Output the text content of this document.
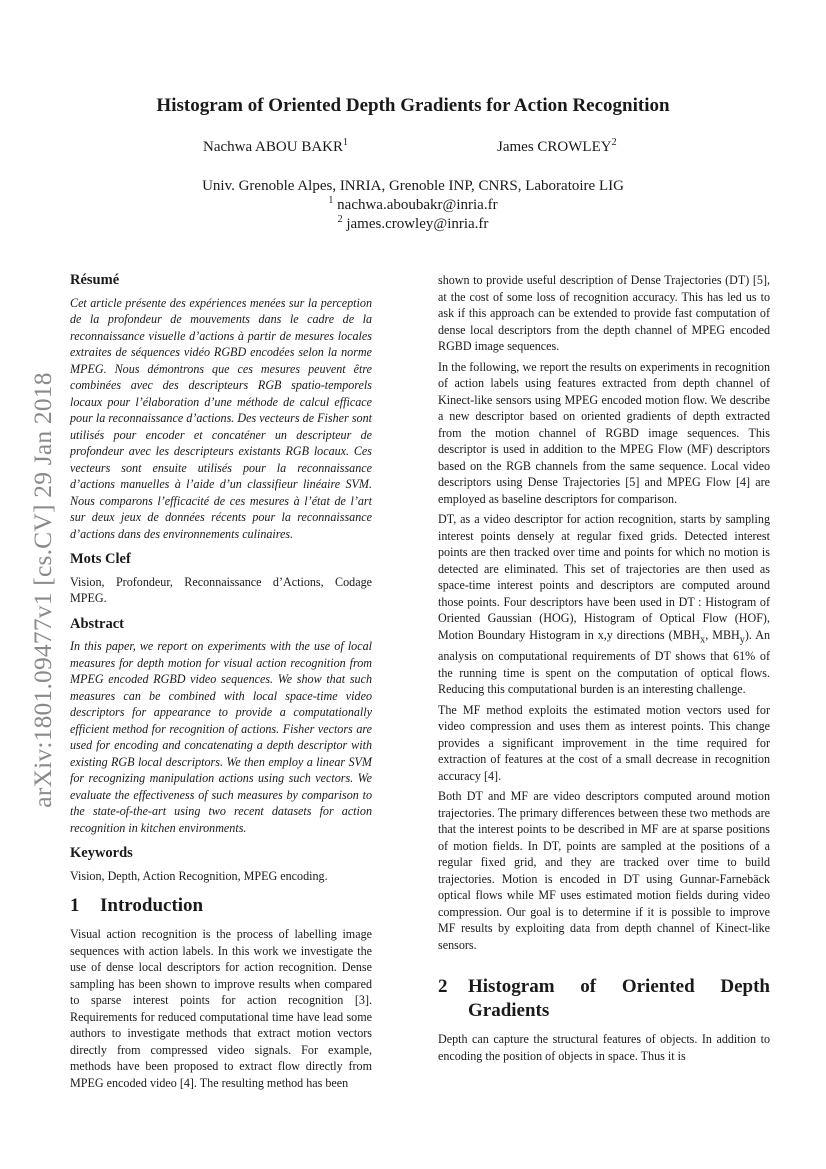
arXiv:1801.09477v1 [cs.CV] 29 Jan 2018
Histogram of Oriented Depth Gradients for Action Recognition
Nachwa ABOU BAKR$^1$	James CROWLEY$^2$
Univ. Grenoble Alpes, INRIA, Grenoble INP, CNRS, Laboratoire LIG
$^1$ nachwa.aboubakr@inria.fr
$^2$ james.crowley@inria.fr
Résumé

Cet article présente des expériences menées sur la perception de la profondeur de mouvements dans le cadre de la reconnaissance visuelle d’actions à partir de mesures locales extraites de séquences vidéo RGBD encodées selon la norme MPEG. Nous démontrons que ces mesures peuvent être combinées avec des descripteurs RGB spatio-temporels locaux pour l’élaboration d’une méthode de calcul efficace pour la reconnaissance d’actions. Des vecteurs de Fisher sont utilisés pour encoder et concaténer un descripteur de profondeur avec les descripteurs existants RGB locaux. Ces vecteurs sont ensuite utilisés pour la reconnaissance d’actions manuelles à l’aide d’un classifieur linéaire SVM. Nous comparons l’efficacité de ces mesures à l’état de l’art sur deux jeux de données récents pour la reconnaissance d’actions dans des environnements culinaires.

Mots Clef

Vision, Profondeur, Reconnaissance d’Actions, Codage MPEG.

Abstract

In this paper, we report on experiments with the use of local measures for depth motion for visual action recognition from MPEG encoded RGBD video sequences. We show that such measures can be combined with local space-time video descriptors for appearance to provide a computationally efficient method for recognition of actions. Fisher vectors are used for encoding and concatenating a depth descriptor with existing RGB local descriptors. We then employ a linear SVM for recognizing manipulation actions using such vectors. We evaluate the effectiveness of such measures by comparison to the state-of-the-art using two recent datasets for action recognition in kitchen environments.

Keywords

Vision, Depth, Action Recognition, MPEG encoding.

1	Introduction

Visual action recognition is the process of labelling image sequences with action labels. In this work we investigate the use of dense local descriptors for action recognition. Dense sampling has been shown to improve results when compared to sparse interest points for action recognition [3]. Requirements for reduced computational time have lead some authors to investigate methods that extract motion vectors directly from compressed video signals. For example, methods have been proposed to extract flow directly from MPEG encoded video [4]. The resulting method has been

shown to provide useful description of Dense Trajectories (DT) [5], at the cost of some loss of recognition accuracy. This has led us to ask if this approach can be extended to provide fast computation of dense local descriptors from the depth channel of MPEG encoded RGBD image sequences.

In the following, we report the results on experiments in recognition of action labels using features extracted from depth channel of Kinect-like sensors using MPEG encoded motion flow. We describe a new descriptor based on oriented gradients of depth extracted from the motion channel of RGBD image sequences. This descriptor is used in addition to the MPEG Flow (MF) descriptors based on the RGB channels from the same sequence. Local video descriptors using Dense Trajectories [5] and MPEG Flow [4] are employed as baseline descriptors for comparison.

DT, as a video descriptor for action recognition, starts by sampling interest points densely at regular fixed grids. Detected interest points are then tracked over time and points for which no motion is detected are eliminated. This set of trajectories are then used as space-time interest points and descriptors are computed around those points. Four descriptors have been used in DT : Histogram of Oriented Gaussian (HOG), Histogram of Optical Flow (HOF), Motion Boundary Histogram in x,y directions ($MBH_x$, $MBH_y$). An analysis on computational requirements of DT shows that 61% of the running time is spent on the computation of optical flows. Reducing this computational burden is an interesting challenge.

The MF method exploits the estimated motion vectors used for video compression and uses them as interest points. This change provides a significant improvement in the time required for extraction of features at the cost of a small decrease in recognition accuracy [4].

Both DT and MF are video descriptors computed around motion trajectories. The primary differences between these two methods are that the interest points to be described in MF are at sparse positions of motion fields. In DT, points are sampled at the positions of a regular fixed grid, and they are tracked over time to build trajectories. Motion is encoded in DT using Gunnar-Farnebäck optical flows while MF uses estimated motion fields during video compression. Our goal is to determine if it is possible to improve MF results by exploiting data from depth channel of Kinect-like sensors.

2	Histogram of Oriented Depth Gradients

Depth can capture the structural features of objects. In addition to encoding the position of objects in space. Thus it is
